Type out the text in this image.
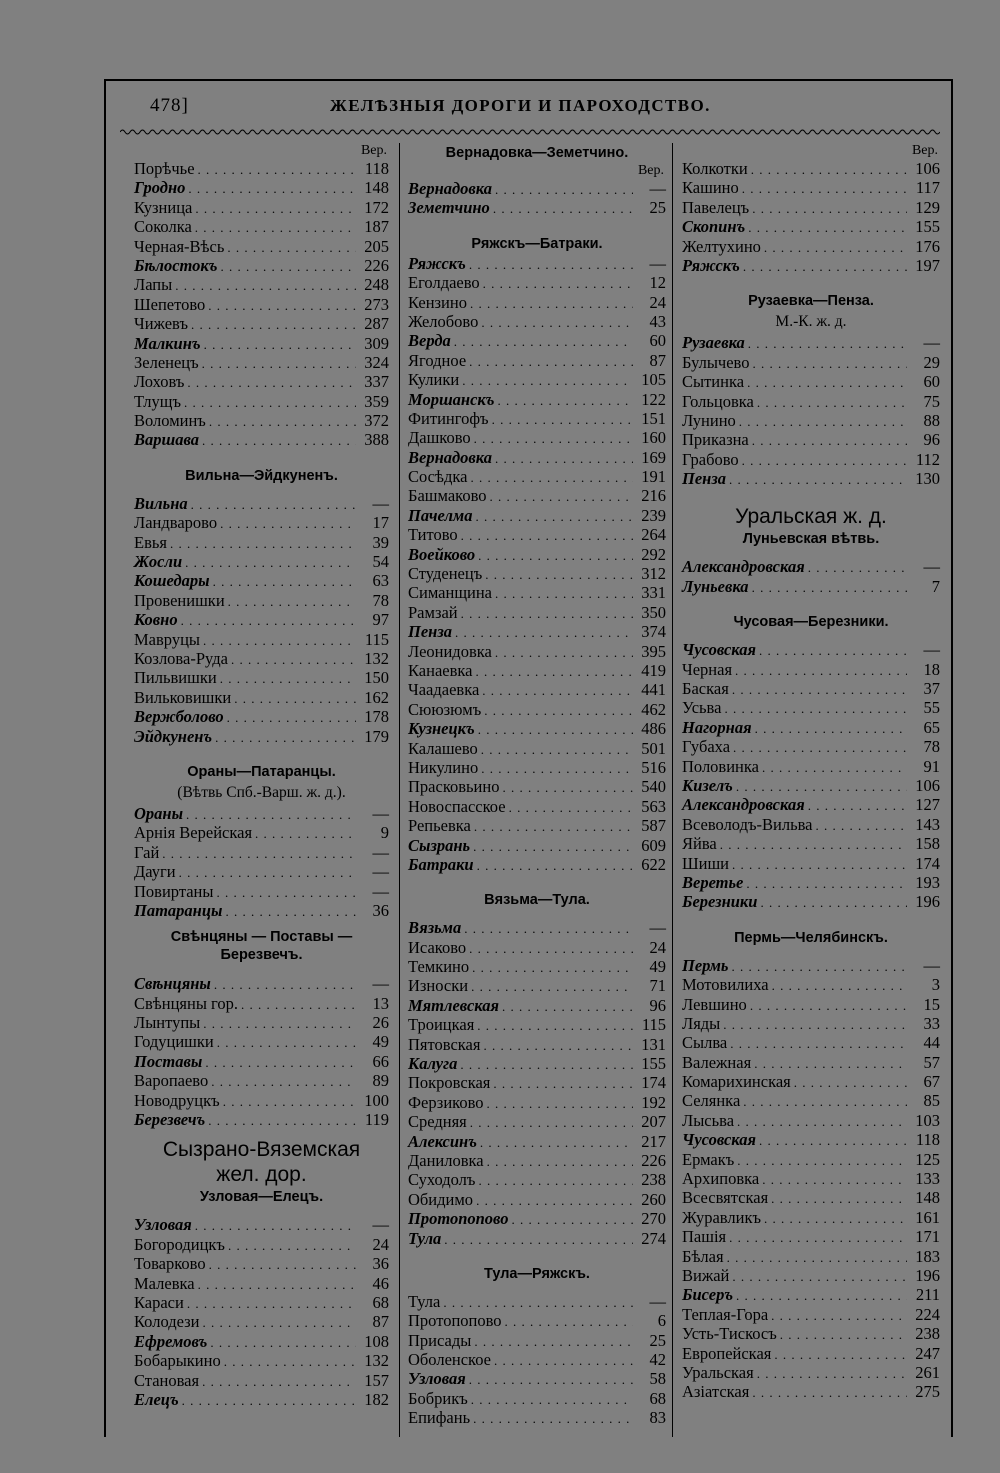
478]	ЖЕЛѢЗНЫЯ ДОРОГИ И ПАРОХОДСТВО.
Вер.
Порѣчье . . .	118
Гродно . . .	148
Кузница . . .	172
Соколка . . .	187
Черная-Вѣсь . . .	205
Бѣлостокъ . . .	226
Лапы . . .	248
Шепетово . . .	273
Чижевъ . . .	287
Малкинъ . . .	309
Зеленецъ . . .	324
Лоховъ . . .	337
Тлущъ . . .	359
Воломинъ . . .	372
Варшава . . .	388
Вильна—Эйдкуненъ.
Вильна . . .	—
Ландварово . . .	17
Евья . . .	39
Жосли . . .	54
Кошедары . . .	63
Провенишки . . .	78
Ковно . . .	97
Мавруцы . . .	115
Козлова-Руда . . .	132
Пильвишки . . .	150
Вильковишки . . .	162
Вержболово . . .	178
Эйдкуненъ . . .	179
Ораны—Патаранцы.
(Вѣтвь Спб.-Варш. ж. д.).
Ораны . . .	—
Арнія Верейская . . .	9
Гай . . .	—
Дауги . . .	—
Повиртаны . . .	—
Патаранцы . . .	36
Свѣнцяны — Поставы — Березвечъ.
Свѣнцяны . . .	—
Свѣнцяны гор. . . .	13
Лынтупы . . .	26
Годуцишки . . .	49
Поставы . . .	66
Варопаево . . .	89
Новодруцкъ . . .	100
Березвечъ . . .	119
Сызрано-Вяземская
жел. дор.
Узловая—Елецъ.
Узловая . . .	—
Богородицкъ . . .	24
Товарково . . .	36
Малевка . . .	46
Караси . . .	68
Колодези . . .	87
Ефремовъ . . .	108
Бобарыкино . . .	132
Становая . . .	157
Елецъ . . .	182
Вернадовка—Земетчино.
Вер.
Вернадовка . . .	—
Земетчино . . .	25
Ряжскъ—Батраки.
Ряжскъ . . .	—
Еголдаево . . .	12
Кензино . . .	24
Желобово . . .	43
Верда . . .	60
Ягодное . . .	87
Кулики . . .	105
Моршанскъ . . .	122
Фитингофъ . . .	151
Дашково . . .	160
Вернадовка . . .	169
Сосѣдка . . .	191
Башмаково . . .	216
Пачелма . . .	239
Титово . . .	264
Воейково . . .	292
Студенецъ . . .	312
Симанщина . . .	331
Рамзай . . .	350
Пенза . . .	374
Леонидовка . . .	395
Канаевка . . .	419
Чаадаевка . . .	441
Сююзюмъ . . .	462
Кузнецкъ . . .	486
Калашево . . .	501
Никулино . . .	516
Прасковьино . . .	540
Новоспасское . . .	563
Репьевка . . .	587
Сызрань . . .	609
Батраки . . .	622
Вязьма—Тула.
Вязьма . . .	—
Исаково . . .	24
Темкино . . .	49
Износки . . .	71
Мятлевская . . .	96
Троицкая . . .	115
Пятовская . . .	131
Калуга . . .	155
Покровская . . .	174
Ферзиково . . .	192
Средняя . . .	207
Алексинъ . . .	217
Даниловка . . .	226
Суходолъ . . .	238
Обидимо . . .	260
Протопопово . . .	270
Тула . . .	274
Тула—Ряжскъ.
Тула . . .	—
Протопопово . . .	6
Присады . . .	25
Оболенское . . .	42
Узловая . . .	58
Бобрикъ . . .	68
Епифань . . .	83
Вер.
Колкотки . . .	106
Кашино . . .	117
Павелецъ . . .	129
Скопинъ . . .	155
Желтухино . . .	176
Ряжскъ . . .	197
Рузаевка—Пенза.
М.-К. ж. д.
Рузаевка . . .	—
Булычево . . .	29
Сытинка . . .	60
Гольцовка . . .	75
Лунино . . .	88
Приказна . . .	96
Грабово . . .	112
Пенза . . .	130
Уральская ж. д.
Луньевская вѣтвь.
Александровская . . .	—
Луньевка . . .	7
Чусовая—Березники.
Чусовская . . .	—
Черная . . .	18
Баская . . .	37
Усьва . . .	55
Нагорная . . .	65
Губаха . . .	78
Половинка . . .	91
Кизелъ . . .	106
Александровская . . .	127
Всеволодъ-Вильва . . .	143
Яйва . . .	158
Шиши . . .	174
Веретье . . .	193
Березники . . .	196
Пермь—Челябинскъ.
Пермь . . .	—
Мотовилиха . . .	3
Левшино . . .	15
Ляды . . .	33
Сылва . . .	44
Валежная . . .	57
Комарихинская . . .	67
Селянка . . .	85
Лысьва . . .	103
Чусовская . . .	118
Ермакъ . . .	125
Архиповка . . .	133
Всесвятская . . .	148
Журавликъ . . .	161
Пашія . . .	171
Бѣлая . . .	183
Вижай . . .	196
Бисеръ . . .	211
Теплая-Гора . . .	224
Усть-Тискосъ . . .	238
Европейская . . .	247
Уральская . . .	261
Азіатская . . .	275
